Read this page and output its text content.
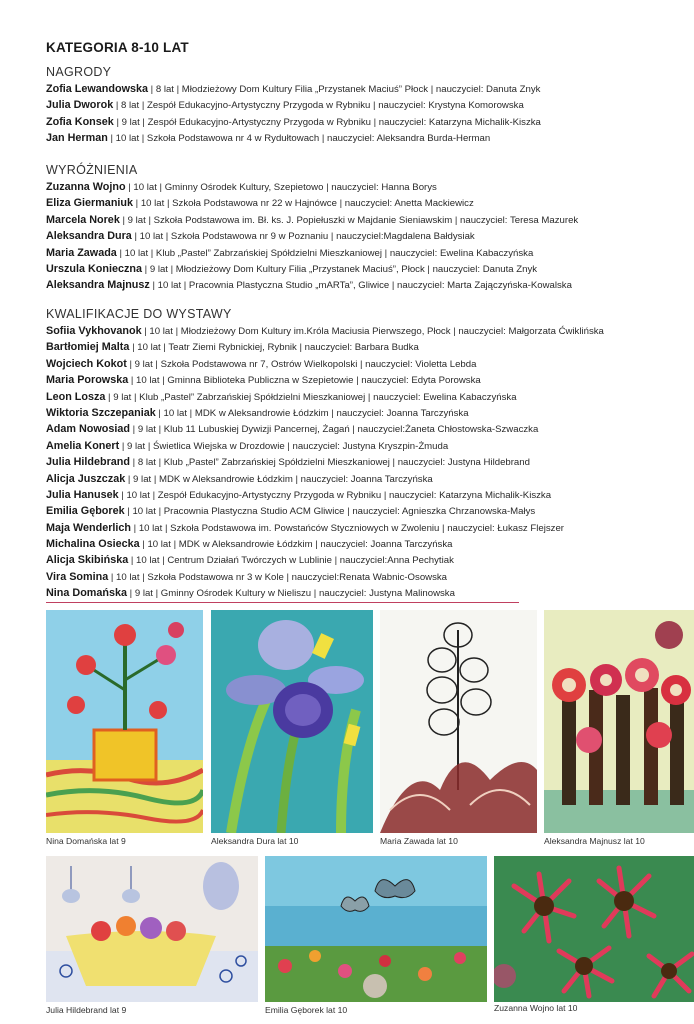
KATEGORIA 8-10 LAT
NAGRODY
Zofia Lewandowska | 8 lat | Młodzieżowy Dom Kultury Filia „Przystanek Maciuś” Płock | nauczyciel: Danuta Znyk
Julia Dworok | 8 lat | Zespół Edukacyjno-Artystyczny Przygoda w Rybniku | nauczyciel: Krystyna Komorowska
Zofia Konsek | 9 lat | Zespół Edukacyjno-Artystyczny Przygoda w Rybniku | nauczyciel: Katarzyna Michalik-Kiszka
Jan Herman | 10 lat | Szkoła Podstawowa nr 4 w Rydułtowach | nauczyciel: Aleksandra Burda-Herman
WYRÓŻNIENIA
Zuzanna Wojno | 10 lat | Gminny Ośrodek Kultury, Szepietowo | nauczyciel: Hanna Borys
Eliza Giermaniuk | 10 lat | Szkoła Podstawowa nr 22 w Hajnówce | nauczyciel: Anetta Mackiewicz
Marcela Norek | 9 lat | Szkoła Podstawowa im. Bł. ks. J. Popiełuszki w Majdanie Sieniawskim | nauczyciel: Teresa Mazurek
Aleksandra Dura | 10 lat | Szkoła Podstawowa nr 9 w Poznaniu | nauczyciel:Magdalena Bałdysiak
Maria Zawada | 10 lat | Klub „Pastel” Zabrzańskiej Spółdzielni Mieszkaniowej | nauczyciel: Ewelina Kabaczyńska
Urszula Konieczna | 9 lat | Młodzieżowy Dom Kultury Filia „Przystanek Maciuś”, Płock | nauczyciel: Danuta Znyk
Aleksandra Majnusz | 10 lat | Pracownia Plastyczna Studio „mARTa”, Gliwice | nauczyciel: Marta Zajączyńska-Kowalska
KWALIFIKACJE DO WYSTAWY
Sofiia Vykhovanok | 10 lat | Młodzieżowy Dom Kultury im.Króla Maciusia Pierwszego, Płock | nauczyciel: Małgorzata Ćwiklińska
Bartłomiej Malta | 10 lat | Teatr Ziemi Rybnickiej, Rybnik | nauczyciel: Barbara Budka
Wojciech Kokot | 9 lat | Szkoła Podstawowa nr 7, Ostrów Wielkopolski | nauczyciel: Violetta Lebda
Maria Porowska | 10 lat | Gminna Biblioteka Publiczna w Szepietowie | nauczyciel: Edyta Porowska
Leon Losza | 9 lat | Klub „Pastel” Zabrzańskiej Spółdzielni Mieszkaniowej | nauczyciel: Ewelina Kabaczyńska
Wiktoria Szczepaniak | 10 lat | MDK w Aleksandrowie Łódzkim | nauczyciel: Joanna Tarczyńska
Adam Nowosiad | 9 lat | Klub 11 Lubuskiej Dywizji Pancernej, Żagań | nauczyciel:Żaneta Chłostowska-Szwaczka
Amelia Konert | 9 lat | Świetlica Wiejska w Drozdowie | nauczyciel: Justyna Kryszpin-Żmuda
Julia Hildebrand | 8 lat | Klub „Pastel” Zabrzańskiej Spółdzielni Mieszkaniowej | nauczyciel: Justyna Hildebrand
Alicja Juszczak | 9 lat | MDK w Aleksandrowie Łódzkim | nauczyciel: Joanna Tarczyńska
Julia Hanusek | 10 lat | Zespół Edukacyjno-Artystyczny Przygoda w Rybniku | nauczyciel: Katarzyna Michalik-Kiszka
Emilia Gęborek | 10 lat | Pracownia Plastyczna Studio ACM Gliwice | nauczyciel: Agnieszka Chrzanowska-Małys
Maja Wenderlich | 10 lat | Szkoła Podstawowa im. Powstańców Styczniowych w Zwoleniu | nauczyciel: Łukasz Flejszer
Michalina Osiecka | 10 lat | MDK w Aleksandrowie Łódzkim | nauczyciel: Joanna Tarczyńska
Alicja Skibińska | 10 lat | Centrum Działań Twórczych w Lublinie | nauczyciel:Anna Pechytiak
Vira Somina | 10 lat | Szkoła Podstawowa nr 3 w Kole | nauczyciel:Renata Wabnic-Osowska
Nina Domańska | 9 lat | Gminny Ośrodek Kultury w Nieliszu | nauczyciel: Justyna Malinowska
Nina Domańska lat 9	Aleksandra Dura lat 10	Maria Zawada lat 10	Aleksandra Majnusz lat 10
Julia Hildebrand lat 9	Emilia Gęborek lat 10	Zuzanna Wojno lat 10
